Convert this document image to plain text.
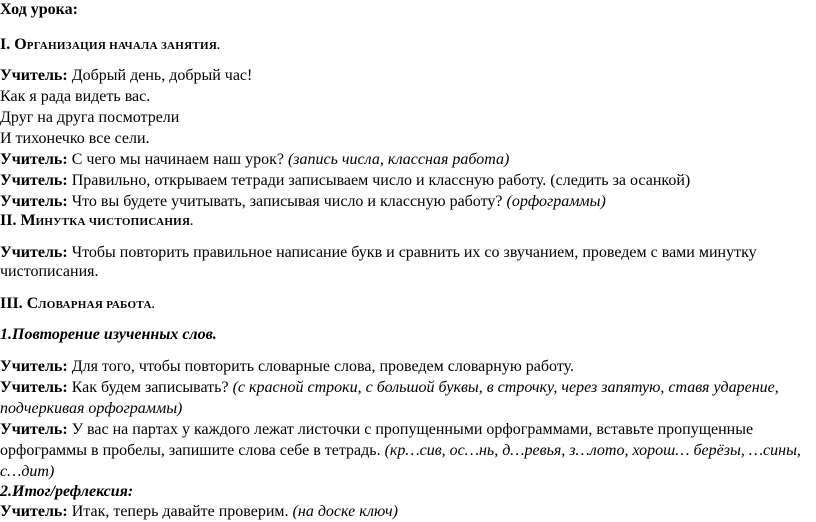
Ход урока:
I. ОРГАНИЗАЦИЯ НАЧАЛА ЗАНЯТИЯ.
Учитель: Добрый день, добрый час!
Как я рада видеть вас.
Друг на друга посмотрели
И тихонечко все сели.
Учитель: С чего мы начинаем наш урок? (запись числа, классная работа)
Учитель: Правильно, открываем тетради записываем число и классную работу. (следить за осанкой)
Учитель: Что вы будете учитывать, записывая число и классную работу? (орфограммы)
II. МИНУТКА ЧИСТОПИСАНИЯ.
Учитель: Чтобы повторить правильное написание букв и сравнить их со звучанием, проведем с вами минутку
чистописания.
III. СЛОВАРНАЯ РАБОТА.
1.Повторение изученных слов.
Учитель: Для того, чтобы повторить словарные слова, проведем словарную работу.
Учитель: Как будем записывать? (с красной строки, с большой буквы, в строчку, через запятую, ставя ударение,
подчеркивая орфограммы)
Учитель: У вас на партах у каждого лежат листочки с пропущенными орфограммами, вставьте пропущенные
орфограммы в пробелы, запишите слова себе в тетрадь. (кр…сив, ос…нь, д…ревья, з…лото, хорош… берёзы, …сины,
с…дит)
2.Итог/рефлексия:
Учитель: Итак, теперь давайте проверим. (на доске ключ)
